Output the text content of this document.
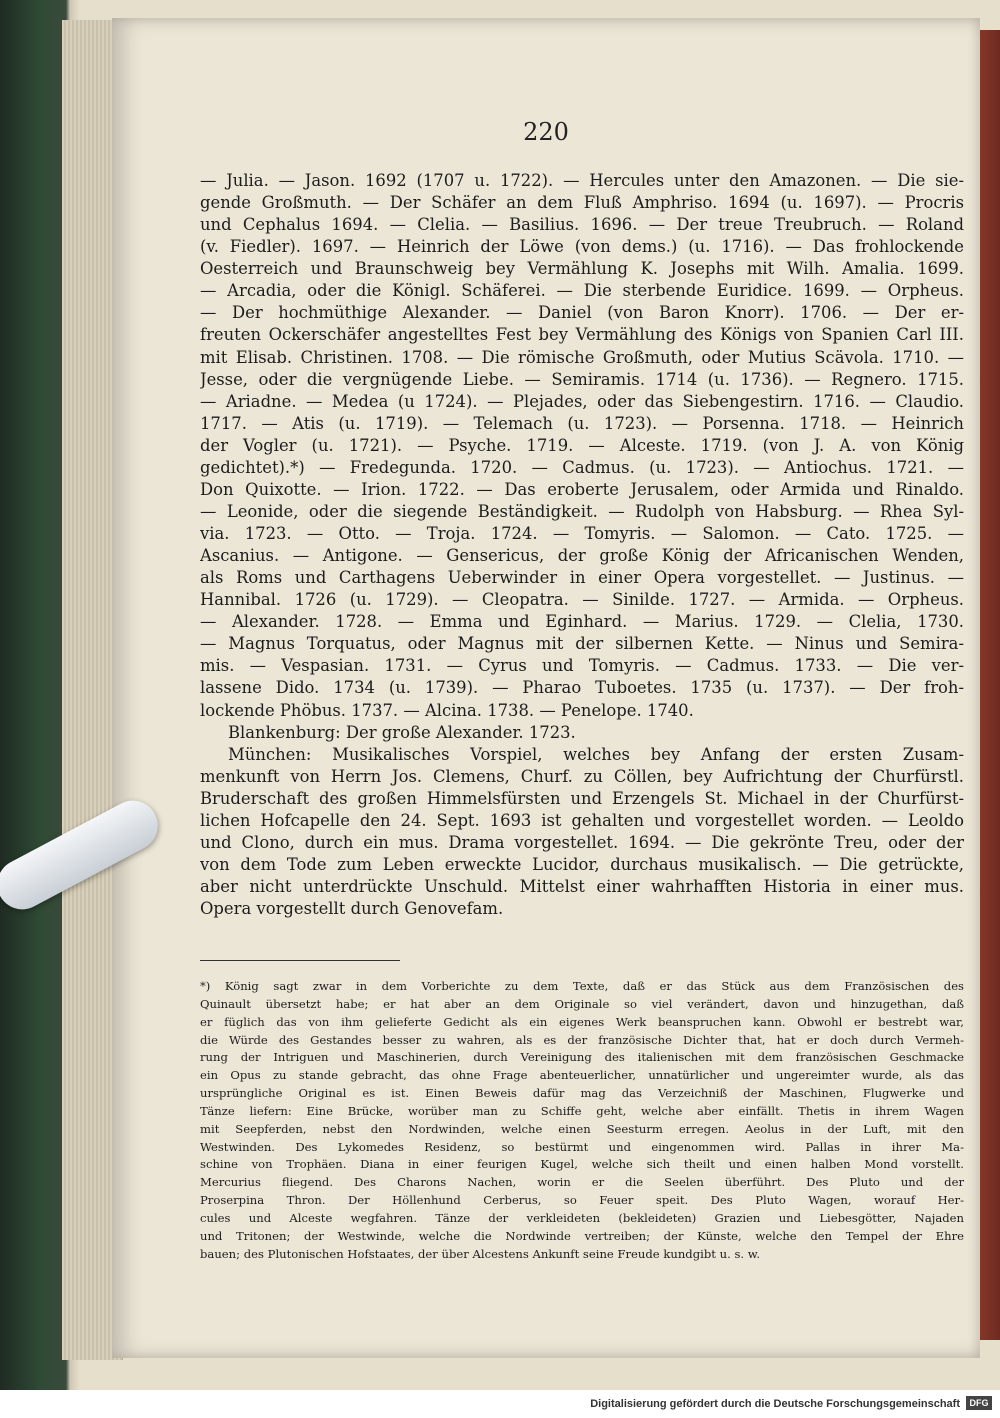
220
— Julia. — Jason. 1692 (1707 u. 1722). — Hercules unter den Amazonen. — Die sie-
gende Großmuth. — Der Schäfer an dem Fluß Amphriso. 1694 (u. 1697). — Procris
und Cephalus 1694. — Clelia. — Basilius. 1696. — Der treue Treubruch. — Roland
(v. Fiedler). 1697. — Heinrich der Löwe (von dems.) (u. 1716). — Das frohlockende
Oesterreich und Braunschweig bey Vermählung K. Josephs mit Wilh. Amalia. 1699.
— Arcadia, oder die Königl. Schäferei. — Die sterbende Euridice. 1699. — Orpheus.
— Der hochmüthige Alexander. — Daniel (von Baron Knorr). 1706. — Der er-
freuten Ockerschäfer angestelltes Fest bey Vermählung des Königs von Spanien Carl III.
mit Elisab. Christinen. 1708. — Die römische Großmuth, oder Mutius Scävola. 1710. —
Jesse, oder die vergnügende Liebe. — Semiramis. 1714 (u. 1736). — Regnero. 1715.
— Ariadne. — Medea (u 1724). — Plejades, oder das Siebengestirn. 1716. — Claudio.
1717. — Atis (u. 1719). — Telemach (u. 1723). — Porsenna. 1718. — Heinrich
der Vogler (u. 1721). — Psyche. 1719. — Alceste. 1719. (von J. A. von König
gedichtet).*) — Fredegunda. 1720. — Cadmus. (u. 1723). — Antiochus. 1721. —
Don Quixotte. — Irion. 1722. — Das eroberte Jerusalem, oder Armida und Rinaldo.
— Leonide, oder die siegende Beständigkeit. — Rudolph von Habsburg. — Rhea Syl-
via. 1723. — Otto. — Troja. 1724. — Tomyris. — Salomon. — Cato. 1725. —
Ascanius. — Antigone. — Gensericus, der große König der Africanischen Wenden,
als Roms und Carthagens Ueberwinder in einer Opera vorgestellet. — Justinus. —
Hannibal. 1726 (u. 1729). — Cleopatra. — Sinilde. 1727. — Armida. — Orpheus.
— Alexander. 1728. — Emma und Eginhard. — Marius. 1729. — Clelia, 1730.
— Magnus Torquatus, oder Magnus mit der silbernen Kette. — Ninus und Semira-
mis. — Vespasian. 1731. — Cyrus und Tomyris. — Cadmus. 1733. — Die ver-
lassene Dido. 1734 (u. 1739). — Pharao Tuboetes. 1735 (u. 1737). — Der froh-
lockende Phöbus. 1737. — Alcina. 1738. — Penelope. 1740.
Blankenburg: Der große Alexander. 1723.
München: Musikalisches Vorspiel, welches bey Anfang der ersten Zusam-
menkunft von Herrn Jos. Clemens, Churf. zu Cöllen, bey Aufrichtung der Churfürstl.
Bruderschaft des großen Himmelsfürsten und Erzengels St. Michael in der Churfürst-
lichen Hofcapelle den 24. Sept. 1693 ist gehalten und vorgestellet worden. — Leoldo
und Clono, durch ein mus. Drama vorgestellet. 1694. — Die gekrönte Treu, oder der
von dem Tode zum Leben erweckte Lucidor, durchaus musikalisch. — Die getrückte,
aber nicht unterdrückte Unschuld. Mittelst einer wahrhafften Historia in einer mus.
Opera vorgestellt durch Genovefam.
*) König sagt zwar in dem Vorberichte zu dem Texte, daß er das Stück aus dem Französischen des
Quinault übersetzt habe; er hat aber an dem Originale so viel verändert, davon und hinzugethan, daß
er füglich das von ihm gelieferte Gedicht als ein eigenes Werk beanspruchen kann. Obwohl er bestrebt war,
die Würde des Gestandes besser zu wahren, als es der französische Dichter that, hat er doch durch Vermeh-
rung der Intriguen und Maschinerien, durch Vereinigung des italienischen mit dem französischen Geschmacke
ein Opus zu stande gebracht, das ohne Frage abenteuerlicher, unnatürlicher und ungereimter wurde, als das
ursprüngliche Original es ist. Einen Beweis dafür mag das Verzeichniß der Maschinen, Flugwerke und
Tänze liefern: Eine Brücke, worüber man zu Schiffe geht, welche aber einfällt. Thetis in ihrem Wagen
mit Seepferden, nebst den Nordwinden, welche einen Seesturm erregen. Aeolus in der Luft, mit den
Westwinden. Des Lykomedes Residenz, so bestürmt und eingenommen wird. Pallas in ihrer Ma-
schine von Trophäen. Diana in einer feurigen Kugel, welche sich theilt und einen halben Mond vorstellt.
Mercurius fliegend. Des Charons Nachen, worin er die Seelen überführt. Des Pluto und der
Proserpina Thron. Der Höllenhund Cerberus, so Feuer speit. Des Pluto Wagen, worauf Her-
cules und Alceste wegfahren. Tänze der verkleideten (bekleideten) Grazien und Liebesgötter, Najaden
und Tritonen; der Westwinde, welche die Nordwinde vertreiben; der Künste, welche den Tempel der Ehre
bauen; des Plutonischen Hofstaates, der über Alcestens Ankunft seine Freude kundgibt u. s. w.
Digitalisierung gefördert durch die Deutsche Forschungsgemeinschaft	DFG
